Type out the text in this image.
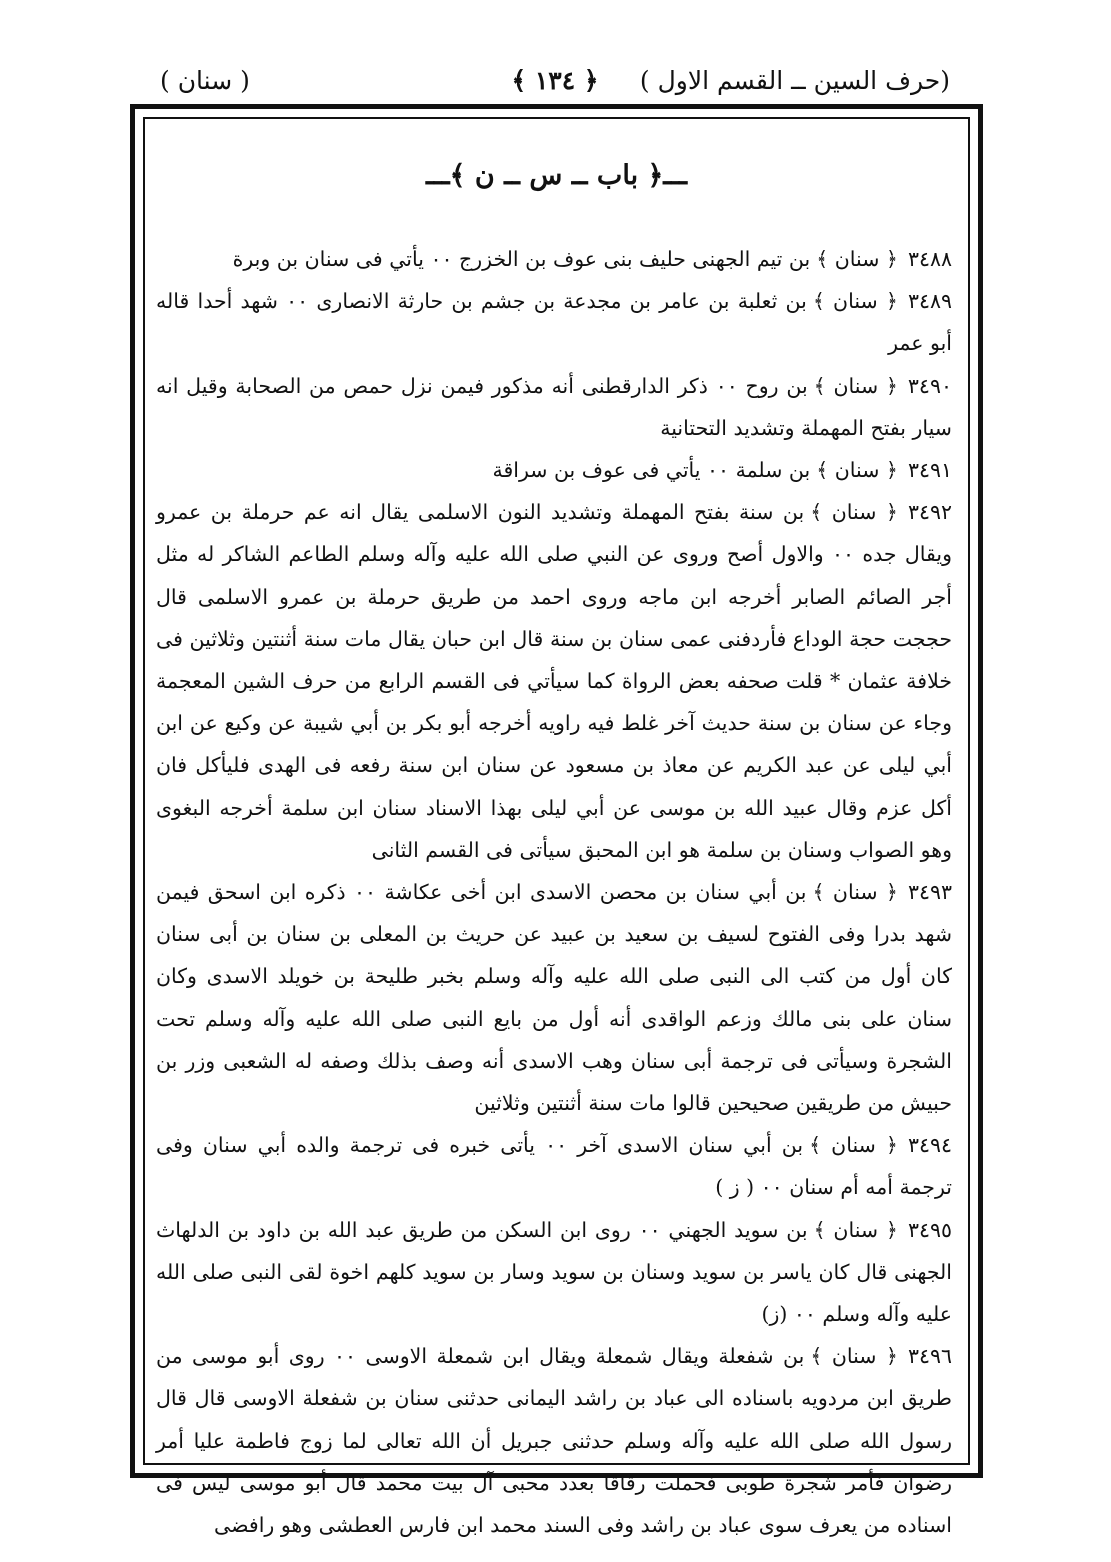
(حرف السين ــ القسم الاول )
﴿ ١٣٤ ﴾
( سنان )
ـــ﴿ باب ــ س ــ ن ﴾ـــ

٣٤٨٨﴿ سنان ﴾بن تيم الجهنى حليف بنى عوف بن الخزرج ٠٠ يأتي فى سنان بن وبرة

٣٤٨٩﴿ سنان ﴾بن ثعلبة بن عامر بن مجدعة بن جشم بن حارثة الانصارى ٠٠ شهد أحدا قاله أبو عمر

٣٤٩٠﴿ سنان ﴾بن روح ٠٠ ذكر الدارقطنى أنه مذكور فيمن نزل حمص من الصحابة وقيل انه سيار بفتح المهملة وتشديد التحتانية

٣٤٩١﴿ سنان ﴾بن سلمة ٠٠ يأتي فى عوف بن سراقة

٣٤٩٢﴿ سنان ﴾بن سنة بفتح المهملة وتشديد النون الاسلمى يقال انه عم حرملة بن عمرو ويقال جده ٠٠ والاول أصح وروى عن النبي صلى الله عليه وآله وسلم الطاعم الشاكر له مثل أجر الصائم الصابر أخرجه ابن ماجه وروى احمد من طريق حرملة بن عمرو الاسلمى قال حججت حجة الوداع فأردفنى عمى سنان بن سنة قال ابن حبان يقال مات سنة أثنتين وثلاثين فى خلافة عثمان * قلت صحفه بعض الرواة كما سيأتي فى القسم الرابع من حرف الشين المعجمة وجاء عن سنان بن سنة حديث آخر غلط فيه راويه أخرجه أبو بكر بن أبي شيبة عن وكيع عن ابن أبي ليلى عن عبد الكريم عن معاذ بن مسعود عن سنان ابن سنة رفعه فى الهدى فليأكل فان أكل عزم وقال عبيد الله بن موسى عن أبي ليلى بهذا الاسناد سنان ابن سلمة أخرجه البغوى وهو الصواب وسنان بن سلمة هو ابن المحبق سيأتى فى القسم الثانى

٣٤٩٣﴿ سنان ﴾بن أبي سنان بن محصن الاسدى ابن أخى عكاشة ٠٠ ذكره ابن اسحق فيمن شهد بدرا وفى الفتوح لسيف بن سعيد بن عبيد عن حريث بن المعلى بن سنان بن أبى سنان كان أول من كتب الى النبى صلى الله عليه وآله وسلم بخبر طليحة بن خويلد الاسدى وكان سنان على بنى مالك وزعم الواقدى أنه أول من بايع النبى صلى الله عليه وآله وسلم تحت الشجرة وسيأتى فى ترجمة أبى سنان وهب الاسدى أنه وصف بذلك وصفه له الشعبى وزر بن حبيش من طريقين صحيحين قالوا مات سنة أثنتين وثلاثين

٣٤٩٤﴿ سنان ﴾بن أبي سنان الاسدى آخر ٠٠ يأتى خبره فى ترجمة والده أبي سنان وفى ترجمة أمه أم سنان ٠٠ ( ز )

٣٤٩٥﴿ سنان ﴾بن سويد الجهني ٠٠ روى ابن السكن من طريق عبد الله بن داود بن الدلهاث الجهنى قال كان ياسر بن سويد وسنان بن سويد وسار بن سويد كلهم اخوة لقى النبى صلى الله عليه وآله وسلم ٠٠ (ز)

٣٤٩٦﴿ سنان ﴾بن شفعلة ويقال شمعلة ويقال ابن شمعلة الاوسى ٠٠ روى أبو موسى من طريق ابن مردويه باسناده الى عباد بن راشد اليمانى حدثنى سنان بن شفعلة الاوسى قال قال رسول الله صلى الله عليه وآله وسلم حدثنى جبريل أن الله تعالى لما زوج فاطمة عليا أمر رضوان فأمر شجرة طوبى فحملت رقاقا بعدد محبى آل بيت محمد قال أبو موسى ليس فى اسناده من يعرف سوى عباد بن راشد وفى السند محمد ابن فارس العطشى وهو رافضى
